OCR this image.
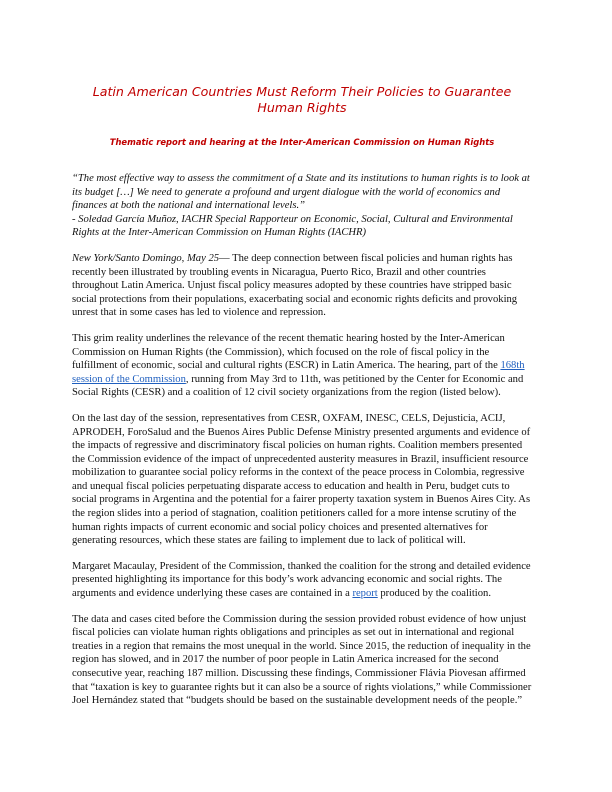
Latin American Countries Must Reform Their Policies to Guarantee
Human Rights
Thematic report and hearing at the Inter-American Commission on Human Rights
“The most effective way to assess the commitment of a State and its institutions to human rights is to look at its budget […] We need to generate a profound and urgent dialogue with the world of economics and finances at both the national and international levels.”
- Soledad García Muñoz, IACHR Special Rapporteur on Economic, Social, Cultural and Environmental Rights at the Inter-American Commission on Human Rights (IACHR)

New York/Santo Domingo, May 25— The deep connection between fiscal policies and human rights has recently been illustrated by troubling events in Nicaragua, Puerto Rico, Brazil and other countries throughout Latin America. Unjust fiscal policy measures adopted by these countries have stripped basic social protections from their populations, exacerbating social and economic rights deficits and provoking unrest that in some cases has led to violence and repression.

This grim reality underlines the relevance of the recent thematic hearing hosted by the Inter-American Commission on Human Rights (the Commission), which focused on the role of fiscal policy in the fulfillment of economic, social and cultural rights (ESCR) in Latin America. The hearing, part of the 168th session of the Commission, running from May 3rd to 11th, was petitioned by the Center for Economic and Social Rights (CESR) and a coalition of 12 civil society organizations from the region (listed below).

On the last day of the session, representatives from CESR, OXFAM, INESC, CELS, Dejusticia, ACIJ, APRODEH, ForoSalud and the Buenos Aires Public Defense Ministry presented arguments and evidence of the impacts of regressive and discriminatory fiscal policies on human rights. Coalition members presented the Commission evidence of the impact of unprecedented austerity measures in Brazil, insufficient resource mobilization to guarantee social policy reforms in the context of the peace process in Colombia, regressive and unequal fiscal policies perpetuating disparate access to education and health in Peru, budget cuts to social programs in Argentina and the potential for a fairer property taxation system in Buenos Aires City. As the region slides into a period of stagnation, coalition petitioners called for a more intense scrutiny of the human rights impacts of current economic and social policy choices and presented alternatives for generating resources, which these states are failing to implement due to lack of political will.

Margaret Macaulay, President of the Commission, thanked the coalition for the strong and detailed evidence presented highlighting its importance for this body’s work advancing economic and social rights. The arguments and evidence underlying these cases are contained in a report produced by the coalition.

The data and cases cited before the Commission during the session provided robust evidence of how unjust fiscal policies can violate human rights obligations and principles as set out in international and regional treaties in a region that remains the most unequal in the world. Since 2015, the reduction of inequality in the region has slowed, and in 2017 the number of poor people in Latin America increased for the second consecutive year, reaching 187 million. Discussing these findings, Commissioner Flávia Piovesan affirmed that “taxation is key to guarantee rights but it can also be a source of rights violations,” while Commissioner Joel Hernández stated that “budgets should be based on the sustainable development needs of the people.”
